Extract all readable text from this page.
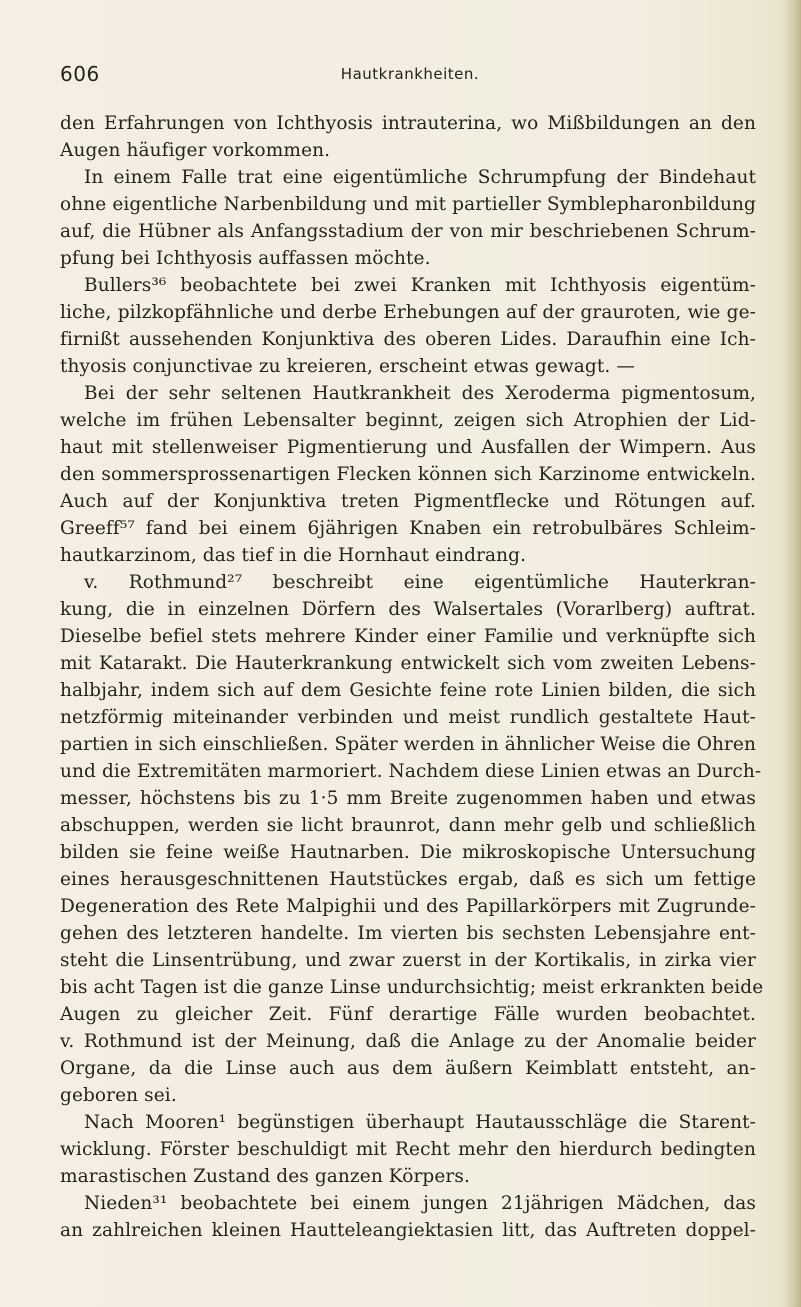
606	Hautkrankheiten.
den Erfahrungen von Ichthyosis intrauterina, wo Mißbildungen an den
Augen häufiger vorkommen.
In einem Falle trat eine eigentümliche Schrumpfung der Bindehaut
ohne eigentliche Narbenbildung und mit partieller Symblepharonbildung
auf, die Hübner als Anfangsstadium der von mir beschriebenen Schrum-
pfung bei Ichthyosis auffassen möchte.
Bullers³⁶ beobachtete bei zwei Kranken mit Ichthyosis eigentüm-
liche, pilzkopfähnliche und derbe Erhebungen auf der grauroten, wie ge-
firnißt aussehenden Konjunktiva des oberen Lides. Daraufhin eine Ich-
thyosis conjunctivae zu kreieren, erscheint etwas gewagt. —
Bei der sehr seltenen Hautkrankheit des Xeroderma pigmentosum,
welche im frühen Lebensalter beginnt, zeigen sich Atrophien der Lid-
haut mit stellenweiser Pigmentierung und Ausfallen der Wimpern. Aus
den sommersprossenartigen Flecken können sich Karzinome entwickeln.
Auch auf der Konjunktiva treten Pigmentflecke und Rötungen auf.
Greeff⁵⁷ fand bei einem 6jährigen Knaben ein retrobulbäres Schleim-
hautkarzinom, das tief in die Hornhaut eindrang.
v. Rothmund²⁷ beschreibt eine eigentümliche Hauterkran-
kung, die in einzelnen Dörfern des Walsertales (Vorarlberg) auftrat.
Dieselbe befiel stets mehrere Kinder einer Familie und verknüpfte sich
mit Katarakt. Die Hauterkrankung entwickelt sich vom zweiten Lebens-
halbjahr, indem sich auf dem Gesichte feine rote Linien bilden, die sich
netzförmig miteinander verbinden und meist rundlich gestaltete Haut-
partien in sich einschließen. Später werden in ähnlicher Weise die Ohren
und die Extremitäten marmoriert. Nachdem diese Linien etwas an Durch-
messer, höchstens bis zu 1·5 mm Breite zugenommen haben und etwas
abschuppen, werden sie licht braunrot, dann mehr gelb und schließlich
bilden sie feine weiße Hautnarben. Die mikroskopische Untersuchung
eines herausgeschnittenen Hautstückes ergab, daß es sich um fettige
Degeneration des Rete Malpighii und des Papillarkörpers mit Zugrunde-
gehen des letzteren handelte. Im vierten bis sechsten Lebensjahre ent-
steht die Linsentrübung, und zwar zuerst in der Kortikalis, in zirka vier
bis acht Tagen ist die ganze Linse undurchsichtig; meist erkrankten beide
Augen zu gleicher Zeit. Fünf derartige Fälle wurden beobachtet.
v. Rothmund ist der Meinung, daß die Anlage zu der Anomalie beider
Organe, da die Linse auch aus dem äußern Keimblatt entsteht, an-
geboren sei.
Nach Mooren¹ begünstigen überhaupt Hautausschläge die Starent-
wicklung. Förster beschuldigt mit Recht mehr den hierdurch bedingten
marastischen Zustand des ganzen Körpers.
Nieden³¹ beobachtete bei einem jungen 21jährigen Mädchen, das
an zahlreichen kleinen Hautteleangiektasien litt, das Auftreten doppel-
